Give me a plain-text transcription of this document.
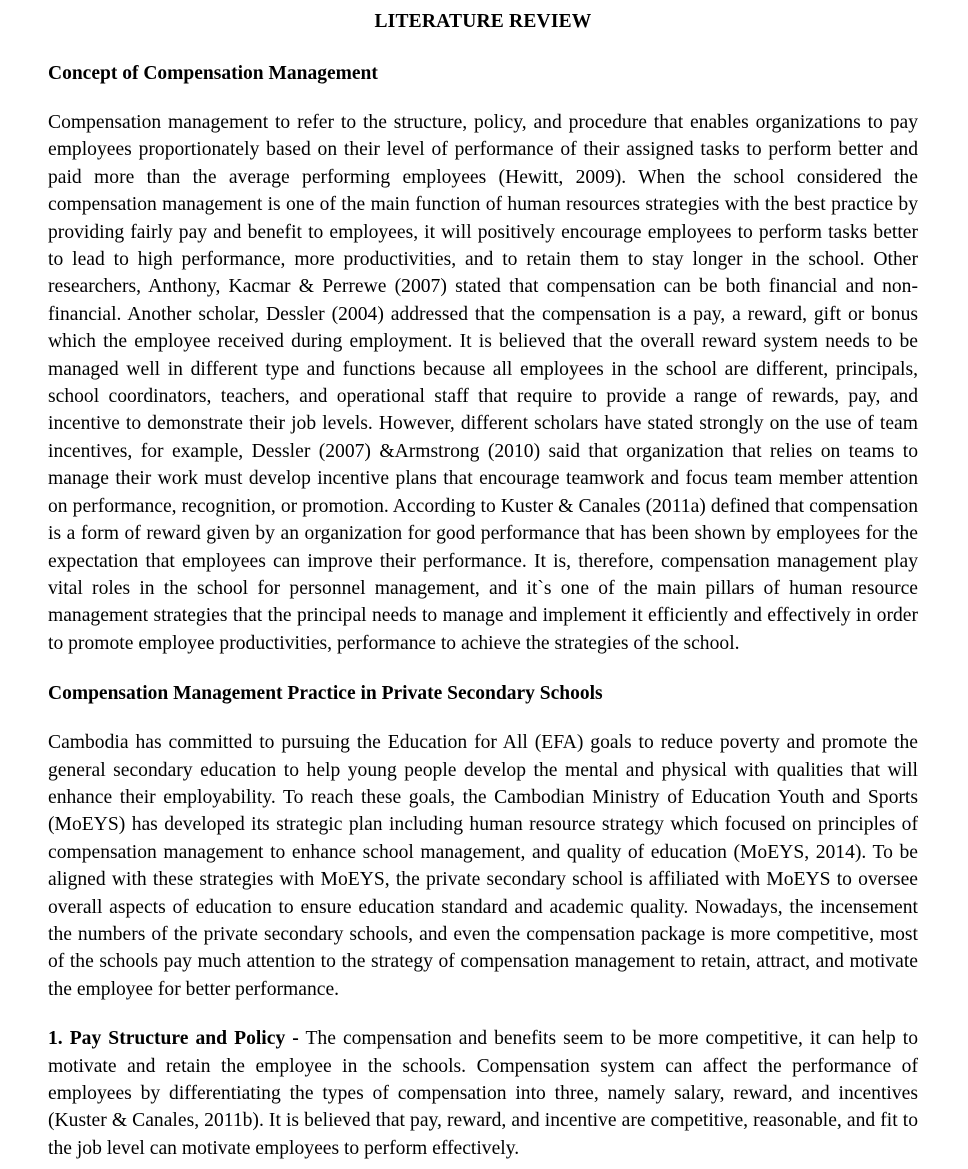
LITERATURE REVIEW
Concept of Compensation Management

Compensation management to refer to the structure, policy, and procedure that enables organizations to pay employees proportionately based on their level of performance of their assigned tasks to perform better and paid more than the average performing employees (Hewitt, 2009). When the school considered the compensation management is one of the main function of human resources strategies with the best practice by providing fairly pay and benefit to employees, it will positively encourage employees to perform tasks better to lead to high performance, more productivities, and to retain them to stay longer in the school. Other researchers, Anthony, Kacmar & Perrewe (2007) stated that compensation can be both financial and non-financial. Another scholar, Dessler (2004) addressed that the compensation is a pay, a reward, gift or bonus which the employee received during employment. It is believed that the overall reward system needs to be managed well in different type and functions because all employees in the school are different, principals, school coordinators, teachers, and operational staff that require to provide a range of rewards, pay, and incentive to demonstrate their job levels. However, different scholars have stated strongly on the use of team incentives, for example, Dessler (2007) &Armstrong (2010) said that organization that relies on teams to manage their work must develop incentive plans that encourage teamwork and focus team member attention on performance, recognition, or promotion. According to Kuster & Canales (2011a) defined that compensation is a form of reward given by an organization for good performance that has been shown by employees for the expectation that employees can improve their performance. It is, therefore, compensation management play vital roles in the school for personnel management, and it`s one of the main pillars of human resource management strategies that the principal needs to manage and implement it efficiently and effectively in order to promote employee productivities, performance to achieve the strategies of the school.

Compensation Management Practice in Private Secondary Schools

Cambodia has committed to pursuing the Education for All (EFA) goals to reduce poverty and promote the general secondary education to help young people develop the mental and physical with qualities that will enhance their employability. To reach these goals, the Cambodian Ministry of Education Youth and Sports (MoEYS) has developed its strategic plan including human resource strategy which focused on principles of compensation management to enhance school management, and quality of education (MoEYS, 2014). To be aligned with these strategies with MoEYS, the private secondary school is affiliated with MoEYS to oversee overall aspects of education to ensure education standard and academic quality. Nowadays, the incensement the numbers of the private secondary schools, and even the compensation package is more competitive, most of the schools pay much attention to the strategy of compensation management to retain, attract, and motivate the employee for better performance.

1. Pay Structure and Policy - The compensation and benefits seem to be more competitive, it can help to motivate and retain the employee in the schools. Compensation system can affect the performance of employees by differentiating the types of compensation into three, namely salary, reward, and incentives (Kuster & Canales, 2011b). It is believed that pay, reward, and incentive are competitive, reasonable, and fit to the job level can motivate employees to perform effectively.
